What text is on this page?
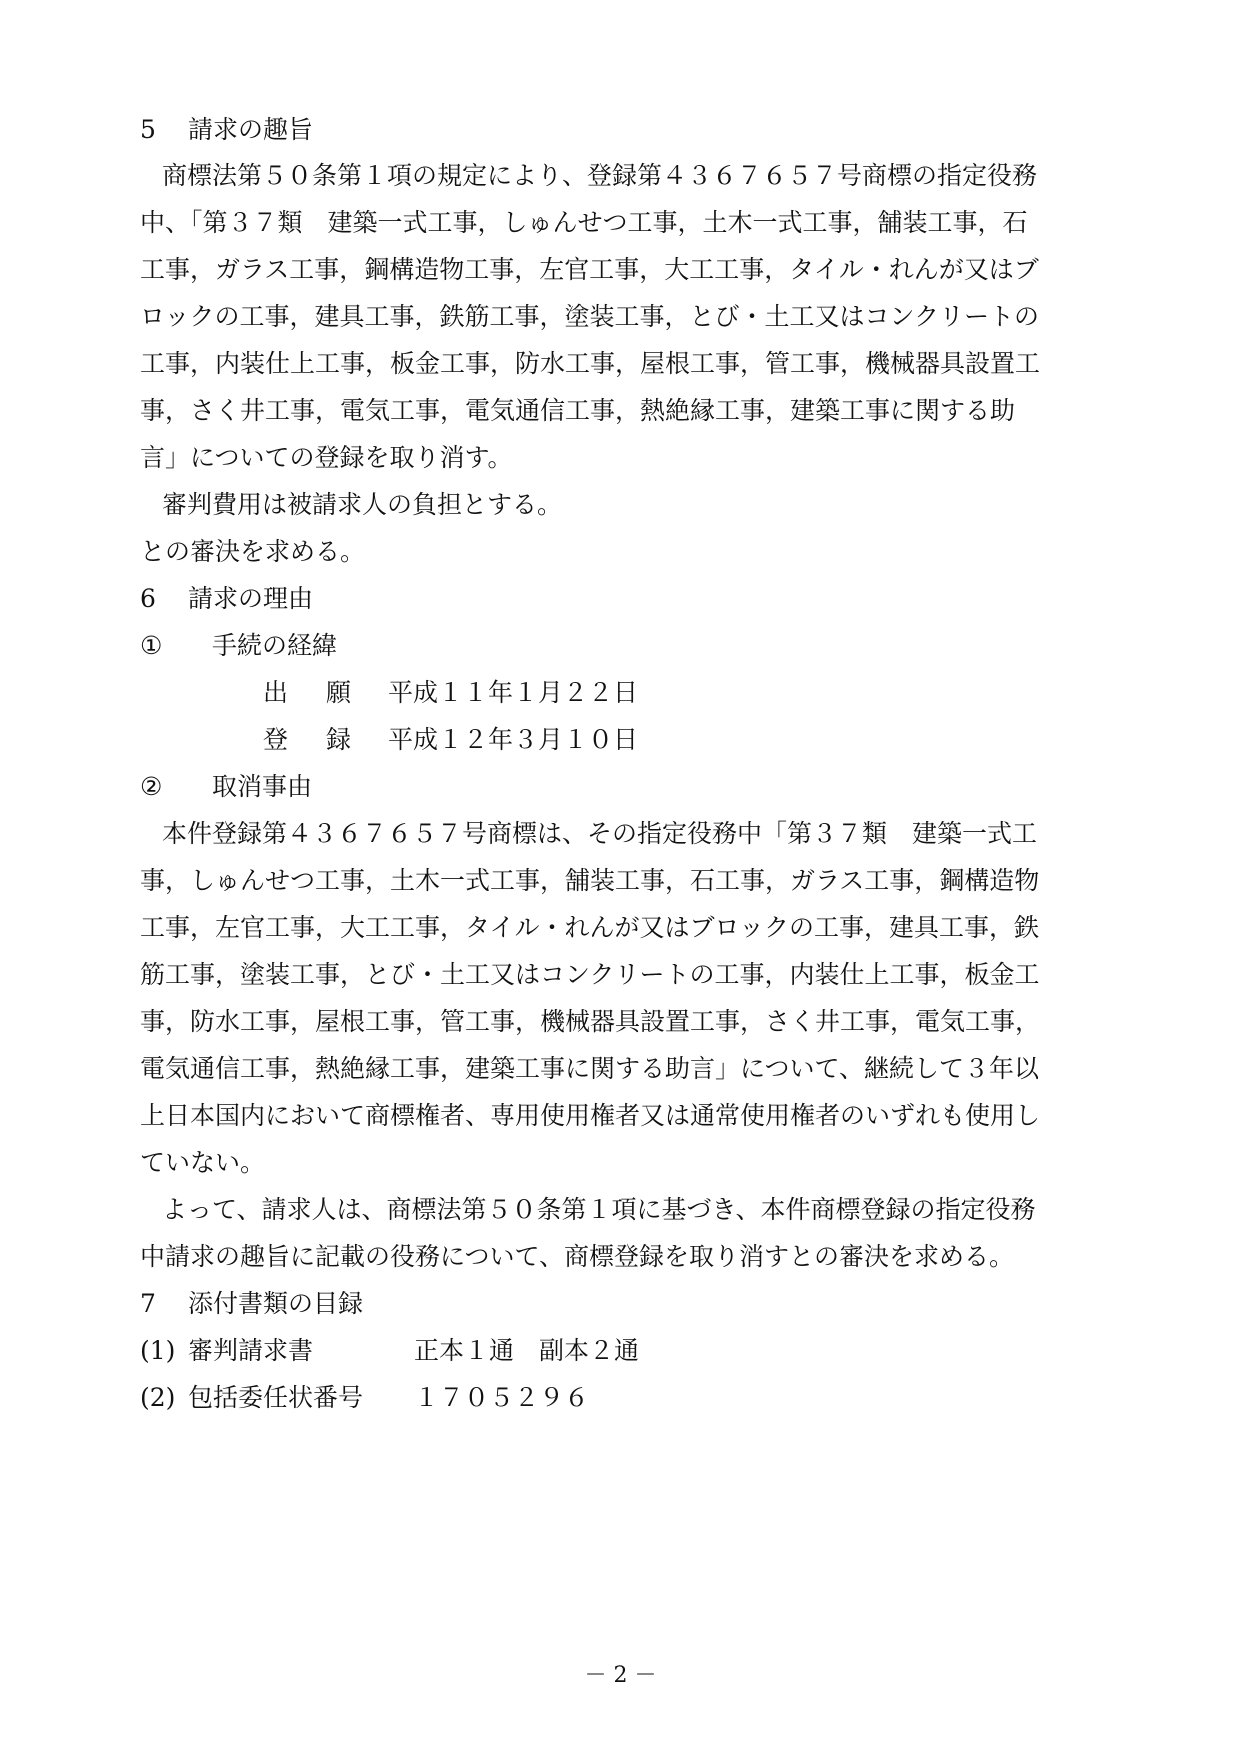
5	請求の趣旨
商標法第５０条第１項の規定により、登録第４３６７６５７号商標の指定役務
中、「第３７類　建築一式工事，しゅんせつ工事，土木一式工事，舗装工事，石
工事，ガラス工事，鋼構造物工事，左官工事，大工工事，タイル・れんが又はブ
ロックの工事，建具工事，鉄筋工事，塗装工事，とび・土工又はコンクリートの
工事，内装仕上工事，板金工事，防水工事，屋根工事，管工事，機械器具設置工
事，さく井工事，電気工事，電気通信工事，熱絶縁工事，建築工事に関する助
言」についての登録を取り消す。
審判費用は被請求人の負担とする。
との審決を求める。
6	請求の理由
①	手続の経緯
出 願 平成１１年１月２２日
登 録 平成１２年３月１０日
②	取消事由
本件登録第４３６７６５７号商標は、その指定役務中「第３７類　建築一式工
事，しゅんせつ工事，土木一式工事，舗装工事，石工事，ガラス工事，鋼構造物
工事，左官工事，大工工事，タイル・れんが又はブロックの工事，建具工事，鉄
筋工事，塗装工事，とび・土工又はコンクリートの工事，内装仕上工事，板金工
事，防水工事，屋根工事，管工事，機械器具設置工事，さく井工事，電気工事，
電気通信工事，熱絶縁工事，建築工事に関する助言」について、継続して３年以
上日本国内において商標権者、専用使用権者又は通常使用権者のいずれも使用し
ていない。
よって、請求人は、商標法第５０条第１項に基づき、本件商標登録の指定役務
中請求の趣旨に記載の役務について、商標登録を取り消すとの審決を求める。
7	添付書類の目録
(1) 審判請求書	正本１通　副本２通
(2) 包括委任状番号 １７０５２９６
－ 2 －
